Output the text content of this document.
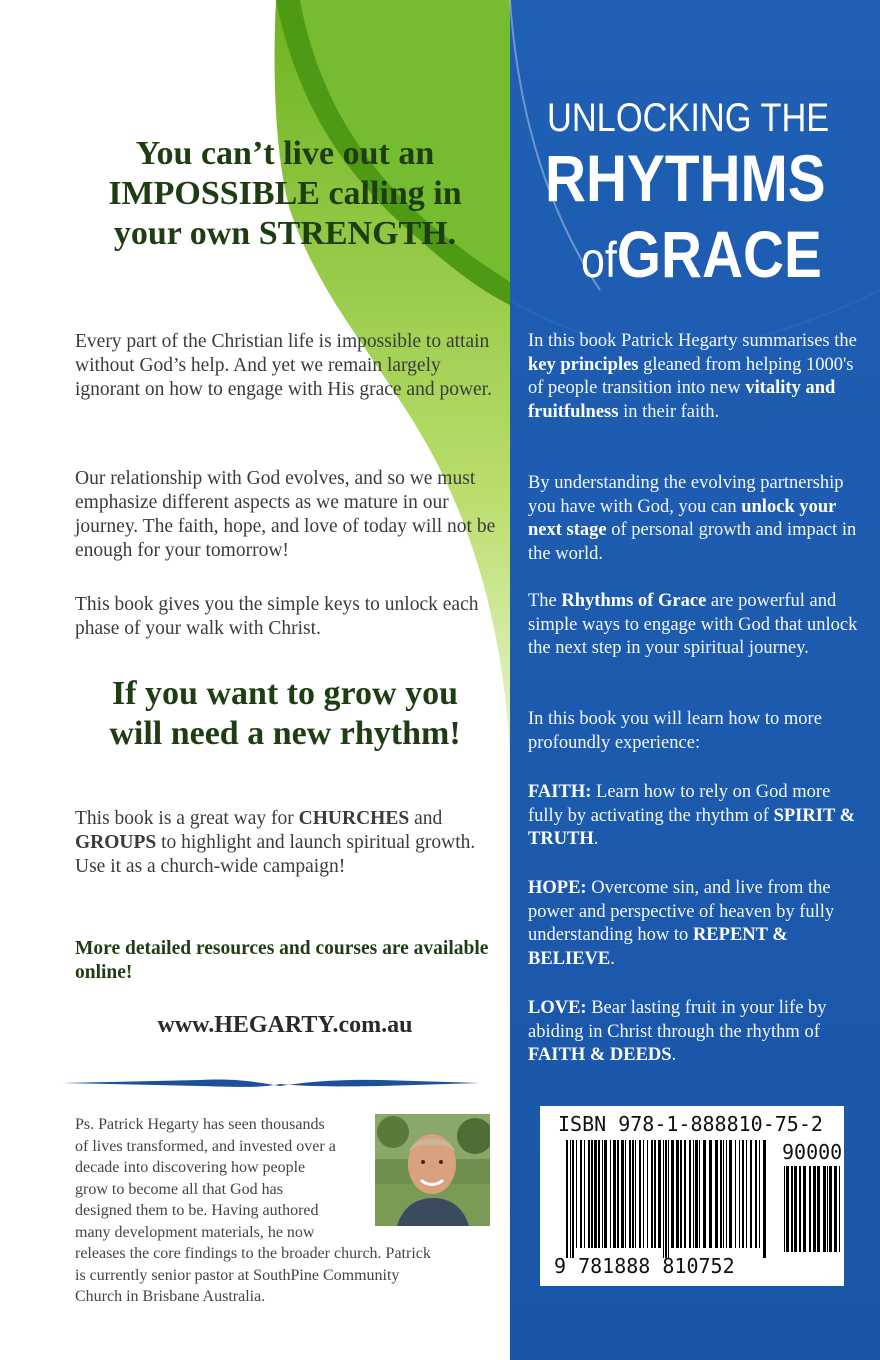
You can’t live out an
IMPOSSIBLE calling in
your own STRENGTH.

Every part of the Christian life is impossible to attain without God’s help. And yet we remain largely ignorant on how to engage with His grace and power.

Our relationship with God evolves, and so we must emphasize different aspects as we mature in our journey. The faith, hope, and love of today will not be enough for your tomorrow!

This book gives you the simple keys to unlock each phase of your walk with Christ.

If you want to grow you
will need a new rhythm!

This book is a great way for CHURCHES and GROUPS to highlight and launch spiritual growth. Use it as a church-wide campaign!

More detailed resources and courses are available online!

www.HEGARTY.com.au

Ps. Patrick Hegarty has seen thousands
of lives transformed, and invested over a
decade into discovering how people
grow to become all that God has
designed them to be. Having authored
many development materials, he now
releases the core findings to the broader church. Patrick
is currently senior pastor at SouthPine Community
Church in Brisbane Australia.

UNLOCKING THE

RHYTHMS

ofGRACE

In this book Patrick Hegarty summarises the key principles gleaned from helping 1000's of people transition into new vitality and fruitfulness in their faith.

By understanding the evolving partnership you have with God, you can unlock your next stage of personal growth and impact in the world.

The Rhythms of Grace are powerful and simple ways to engage with God that unlock the next step in your spiritual journey.

In this book you will learn how to more profoundly experience:

FAITH: Learn how to rely on God more fully by activating the rhythm of SPIRIT & TRUTH.

HOPE: Overcome sin, and live from the power and perspective of heaven by fully understanding how to REPENT & BELIEVE.

LOVE: Bear lasting fruit in your life by abiding in Christ through the rhythm of FAITH & DEEDS.

ISBN 978-1-888810-75-2

90000

9 781888 810752
